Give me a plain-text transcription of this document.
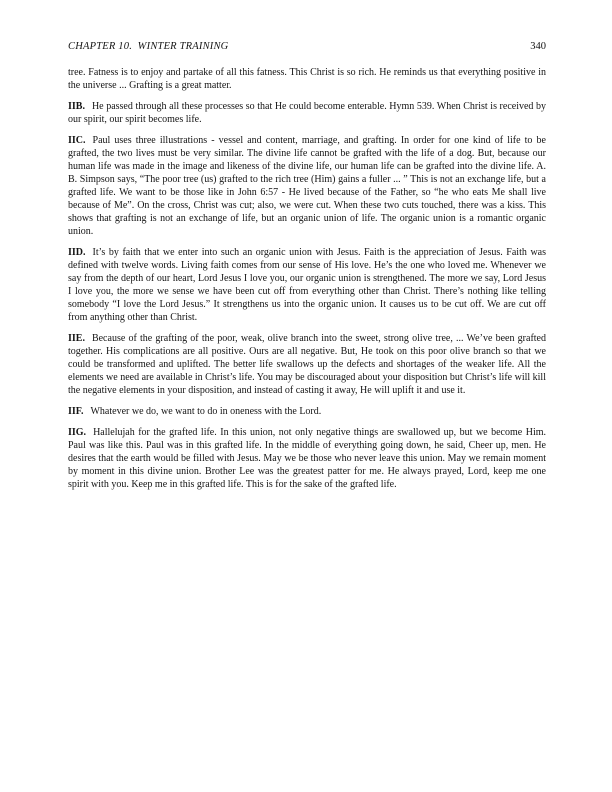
CHAPTER 10.  WINTER TRAINING	340

tree. Fatness is to enjoy and partake of all this fatness. This Christ is so rich. He reminds us that everything positive in the universe ... Grafting is a great matter.

IIB. He passed through all these processes so that He could become enterable. Hymn 539. When Christ is received by our spirit, our spirit becomes life.

IIC. Paul uses three illustrations - vessel and content, marriage, and grafting. In order for one kind of life to be grafted, the two lives must be very similar. The divine life cannot be grafted with the life of a dog. But, because our human life was made in the image and likeness of the divine life, our human life can be grafted into the divine life. A. B. Simpson says, “The poor tree (us) grafted to the rich tree (Him) gains a fuller ... ” This is not an exchange life, but a grafted life. We want to be those like in John 6:57 - He lived because of the Father, so “he who eats Me shall live because of Me”. On the cross, Christ was cut; also, we were cut. When these two cuts touched, there was a kiss. This shows that grafting is not an exchange of life, but an organic union of life. The organic union is a romantic organic union.

IID. It’s by faith that we enter into such an organic union with Jesus. Faith is the appreciation of Jesus. Faith was defined with twelve words. Living faith comes from our sense of His love. He’s the one who loved me. Whenever we say from the depth of our heart, Lord Jesus I love you, our organic union is strengthened. The more we say, Lord Jesus I love you, the more we sense we have been cut off from everything other than Christ. There’s nothing like telling somebody “I love the Lord Jesus.” It strengthens us into the organic union. It causes us to be cut off. We are cut off from anything other than Christ.

IIE. Because of the grafting of the poor, weak, olive branch into the sweet, strong olive tree, ... We’ve been grafted together. His complications are all positive. Ours are all negative. But, He took on this poor olive branch so that we could be transformed and uplifted. The better life swallows up the defects and shortages of the weaker life. All the elements we need are available in Christ’s life. You may be discouraged about your disposition but Christ’s life will kill the negative elements in your disposition, and instead of casting it away, He will uplift it and use it.

IIF. Whatever we do, we want to do in oneness with the Lord.

IIG. Hallelujah for the grafted life. In this union, not only negative things are swallowed up, but we become Him. Paul was like this. Paul was in this grafted life. In the middle of everything going down, he said, Cheer up, men. He desires that the earth would be filled with Jesus. May we be those who never leave this union. May we remain moment by moment in this divine union. Brother Lee was the greatest patter for me. He always prayed, Lord, keep me one spirit with you. Keep me in this grafted life. This is for the sake of the grafted life.
